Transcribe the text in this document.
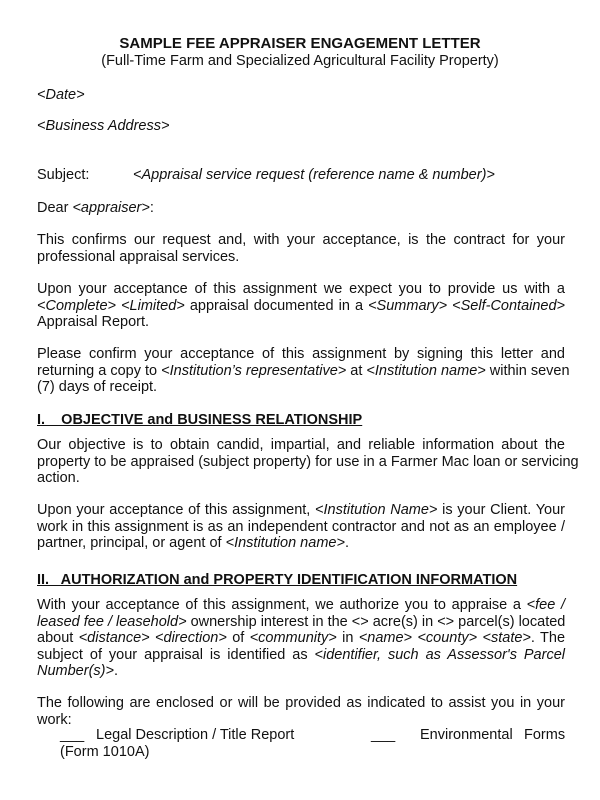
SAMPLE FEE APPRAISER ENGAGEMENT LETTER
(Full-Time Farm and Specialized Agricultural Facility Property)
<Date>
<Business Address>
Subject:	<Appraisal service request (reference name & number)>
Dear <appraiser>:
This confirms our request and, with your acceptance, is the contract for your
professional appraisal services.
Upon your acceptance of this assignment we expect you to provide us with a
<Complete> <Limited> appraisal documented in a <Summary> <Self-Contained>
Appraisal Report.
Please confirm your acceptance of this assignment by signing this letter and
returning a copy to <Institution’s representative> at <Institution name> within seven
(7) days of receipt.
I.    OBJECTIVE and BUSINESS RELATIONSHIP
Our objective is to obtain candid, impartial, and reliable information about the
property to be appraised (subject property) for use in a Farmer Mac loan or servicing
action.
Upon your acceptance of this assignment, <Institution Name> is your Client. Your
work in this assignment is as an independent contractor and not as an employee /
partner, principal, or agent of <Institution name>.
II.   AUTHORIZATION and PROPERTY IDENTIFICATION INFORMATION
With your acceptance of this assignment, we authorize you to appraise a <fee /
leased fee / leasehold> ownership interest in the <> acre(s) in <> parcel(s) located
about <distance> <direction> of <community> in <name> <county> <state>. The
subject of your appraisal is identified as <identifier, such as Assessor's Parcel
Number(s)>.
The following are enclosed or will be provided as indicated to assist you in your
work:
___ Legal Description / Title Report	___ Environmental Forms
(Form 1010A)
